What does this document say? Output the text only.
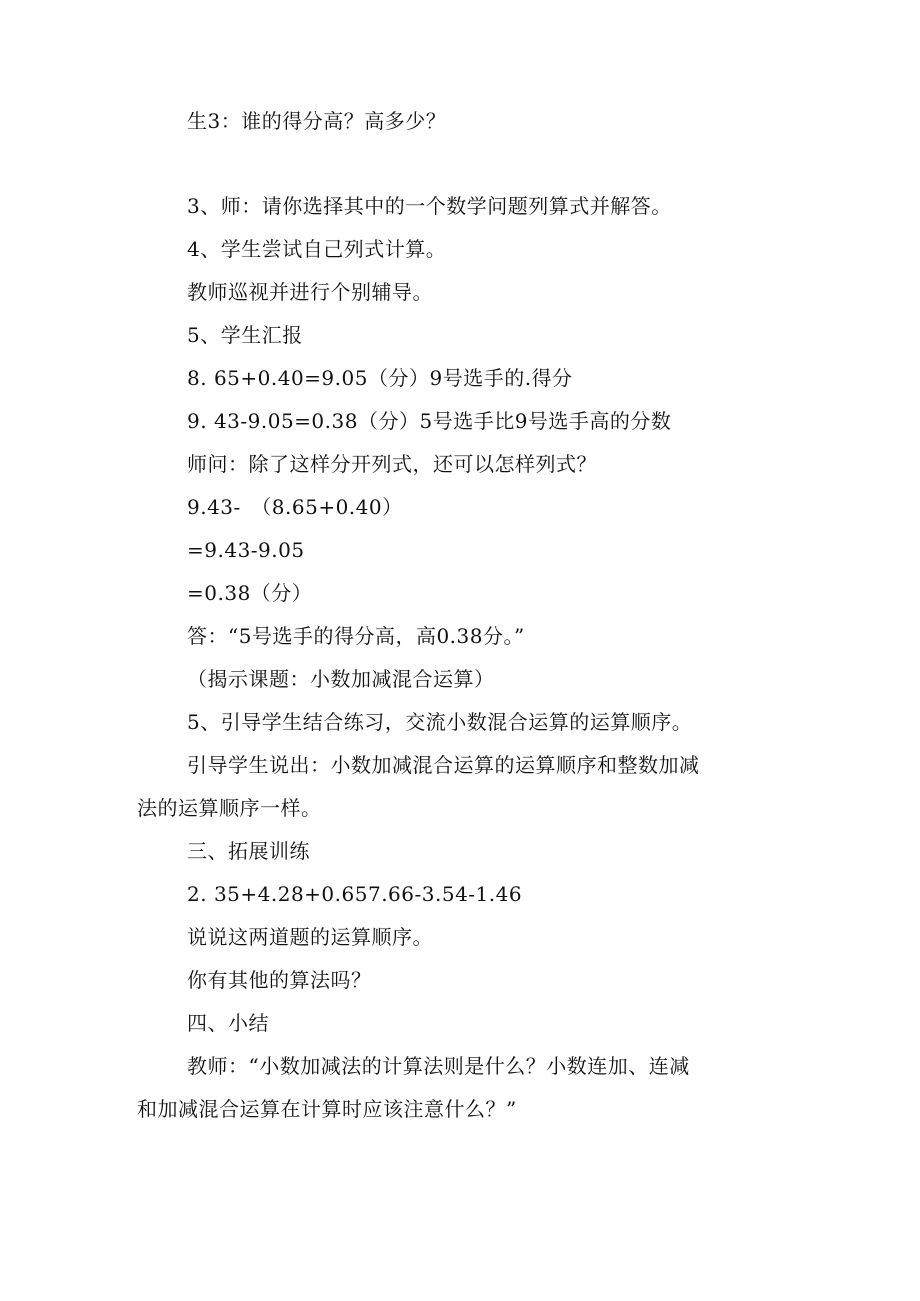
生3：谁的得分高？高多少？
3、师：请你选择其中的一个数学问题列算式并解答。
4、学生尝试自己列式计算。
教师巡视并进行个别辅导。
5、学生汇报
8. 65+0.40=9.05（分）9号选手的.得分
9. 43-9.05=0.38（分）5号选手比9号选手高的分数
师问：除了这样分开列式，还可以怎样列式？
9.43-　（8.65+0.40）
=9.43-9.05
=0.38（分）
答：“5号选手的得分高，高0.38分。”
（揭示课题：小数加减混合运算）
5、引导学生结合练习，交流小数混合运算的运算顺序。
引导学生说出：小数加减混合运算的运算顺序和整数加减
法的运算顺序一样。
三、拓展训练
2. 35+4.28+0.657.66-3.54-1.46
说说这两道题的运算顺序。
你有其他的算法吗？
四、小结
教师：“小数加减法的计算法则是什么？小数连加、连减
和加减混合运算在计算时应该注意什么？”
